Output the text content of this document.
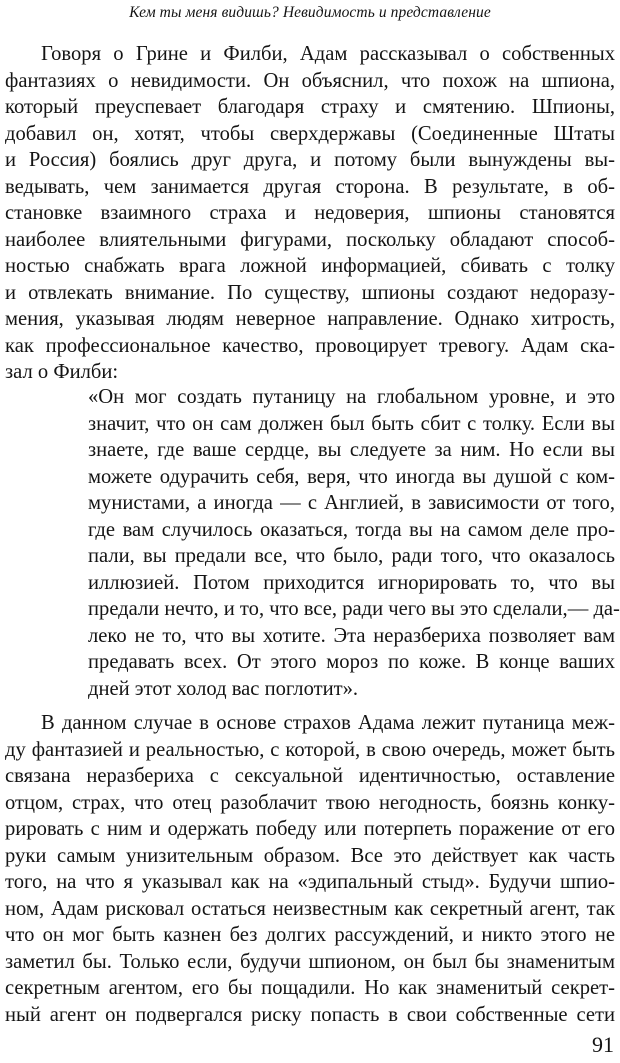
Кем ты меня видишь? Невидимость и представление
Говоря о Грине и Филби, Адам рассказывал о собственных
фантазиях о невидимости. Он объяснил, что похож на шпиона,
который преуспевает благодаря страху и смятению. Шпионы,
добавил он, хотят, чтобы сверхдержавы (Соединенные Штаты
и Россия) боялись друг друга, и потому были вынуждены вы-
ведывать, чем занимается другая сторона. В результате, в об-
становке взаимного страха и недоверия, шпионы становятся
наиболее влиятельными фигурами, поскольку обладают способ-
ностью снабжать врага ложной информацией, сбивать с толку
и отвлекать внимание. По существу, шпионы создают недоразу-
мения, указывая людям неверное направление. Однако хитрость,
как профессиональное качество, провоцирует тревогу. Адам ска-
зал о Филби:
«Он мог создать путаницу на глобальном уровне, и это
значит, что он сам должен был быть сбит с толку. Если вы
знаете, где ваше сердце, вы следуете за ним. Но если вы
можете одурачить себя, веря, что иногда вы душой с ком-
мунистами, а иногда — с Англией, в зависимости от того,
где вам случилось оказаться, тогда вы на самом деле про-
пали, вы предали все, что было, ради того, что оказалось
иллюзией. Потом приходится игнорировать то, что вы
предали нечто, и то, что все, ради чего вы это сделали,— да-
леко не то, что вы хотите. Эта неразбериха позволяет вам
предавать всех. От этого мороз по коже. В конце ваших
дней этот холод вас поглотит».
В данном случае в основе страхов Адама лежит путаница меж-
ду фантазией и реальностью, с которой, в свою очередь, может быть
связана неразбериха с сексуальной идентичностью, оставление
отцом, страх, что отец разоблачит твою негодность, боязнь конку-
рировать с ним и одержать победу или потерпеть поражение от его
руки самым унизительным образом. Все это действует как часть
того, на что я указывал как на «эдипальный стыд». Будучи шпио-
ном, Адам рисковал остаться неизвестным как секретный агент, так
что он мог быть казнен без долгих рассуждений, и никто этого не
заметил бы. Только если, будучи шпионом, он был бы знаменитым
секретным агентом, его бы пощадили. Но как знаменитый секрет-
ный агент он подвергался риску попасть в свои собственные сети
91
